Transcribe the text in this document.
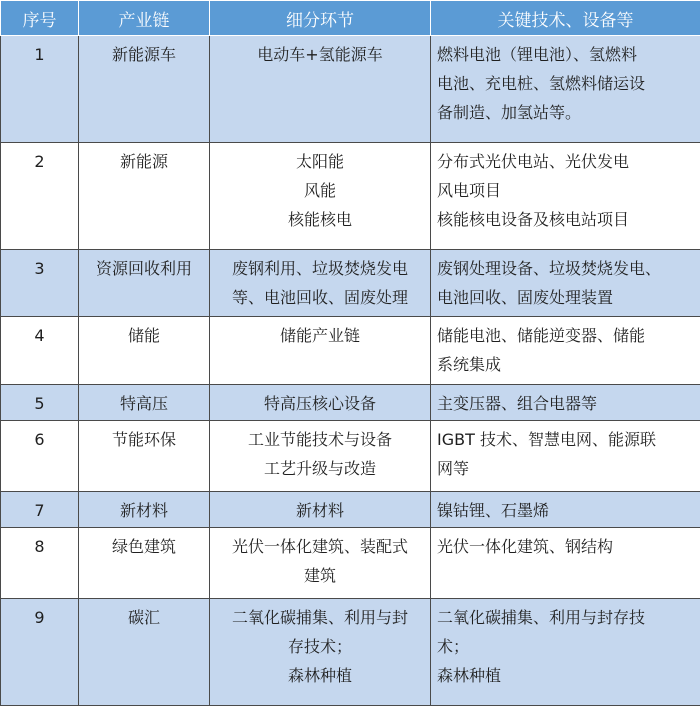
序号	产业链	细分环节	关键技术、设备等
1	新能源车	电动车+氢能源车	燃料电池（锂电池）、氢燃料
电池、充电桩、氢燃料储运设
备制造、加氢站等。

2	新能源	太阳能
风能
核能核电	分布式光伏电站、光伏发电
风电项目
核能核电设备及核电站项目

3	资源回收利用	废钢利用、垃圾焚烧发电
等、电池回收、固废处理	废钢处理设备、垃圾焚烧发电、
电池回收、固废处理装置

4	储能	储能产业链	储能电池、储能逆变器、储能
系统集成

5	特高压	特高压核心设备	主变压器、组合电器等

6	节能环保	工业节能技术与设备
工艺升级与改造	IGBT 技术、智慧电网、能源联
网等

7	新材料	新材料	镍钴锂、石墨烯

8	绿色建筑	光伏一体化建筑、装配式
建筑	光伏一体化建筑、钢结构

9	碳汇	二氧化碳捕集、利用与封
存技术；
森林种植	二氧化碳捕集、利用与封存技
术；
森林种植
